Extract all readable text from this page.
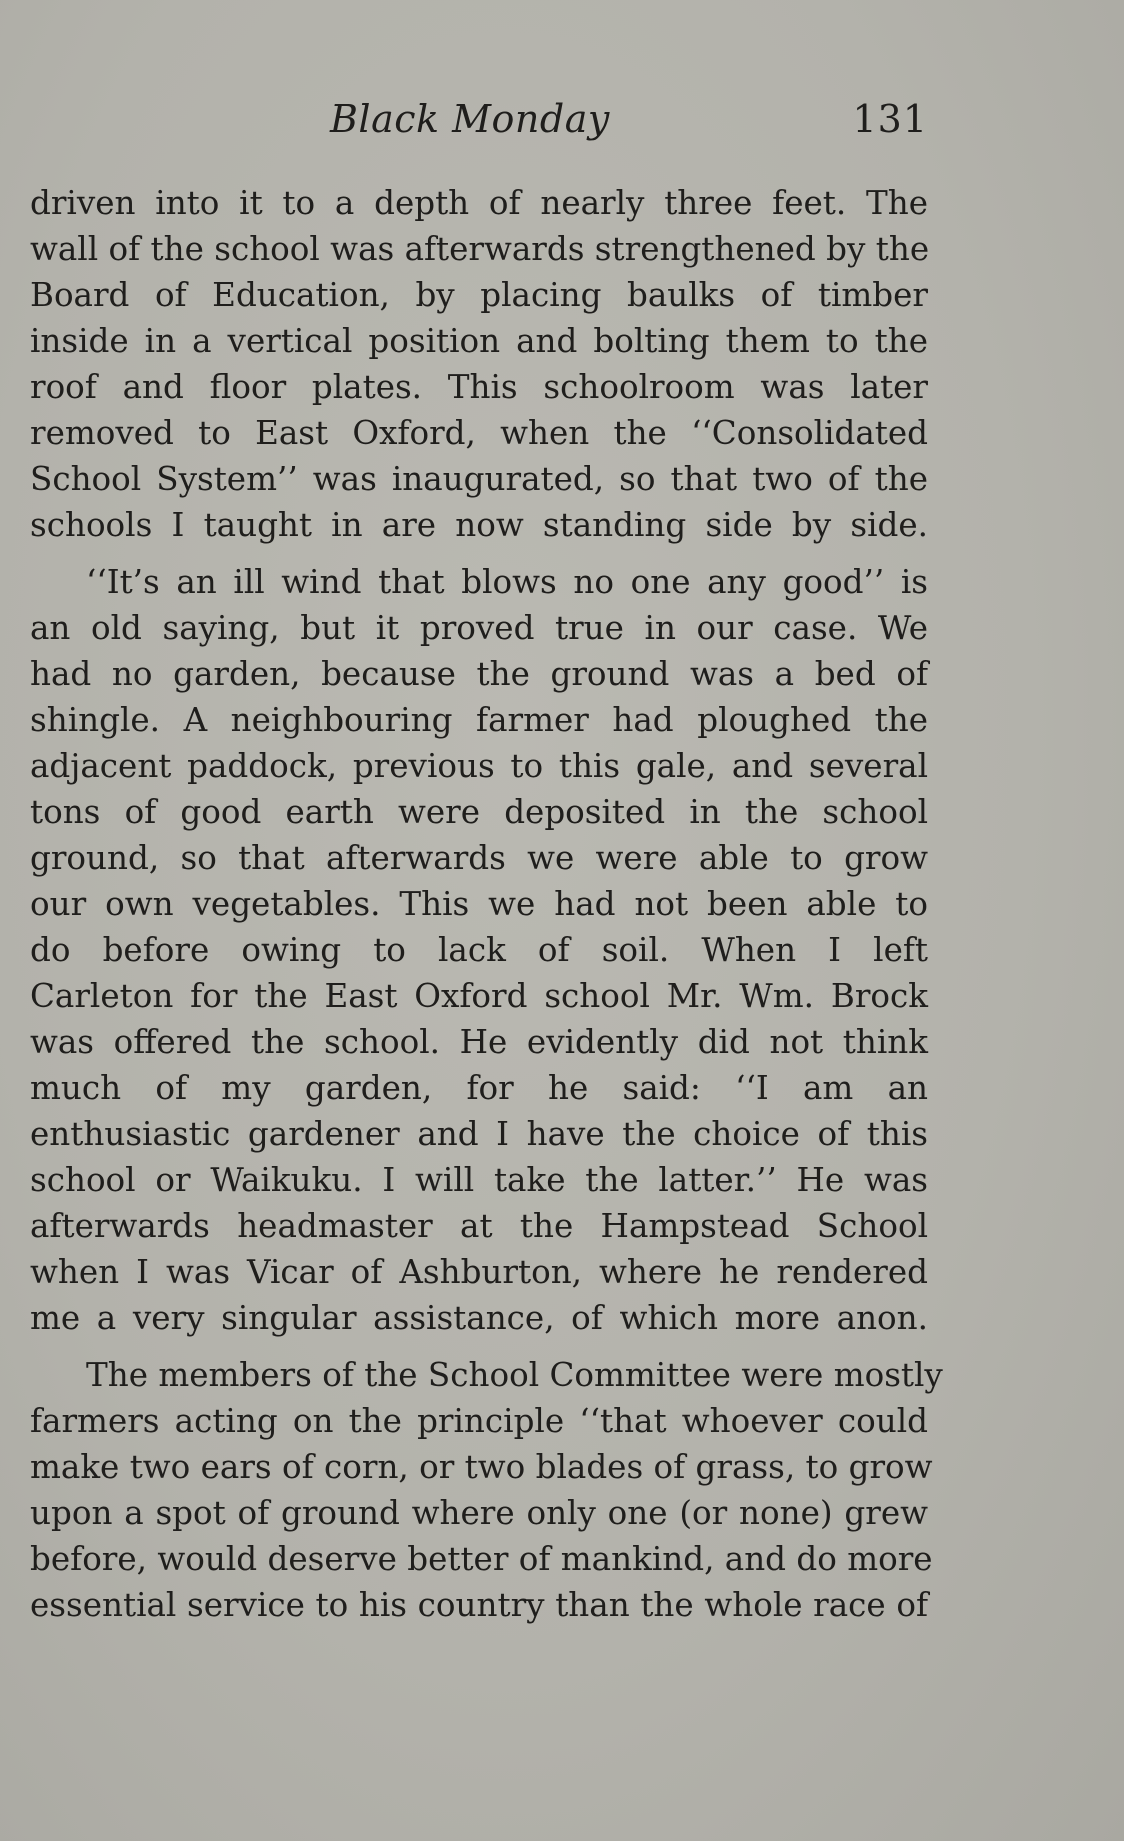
Black Monday	131
driven into it to a depth of nearly three feet. The
wall of the school was afterwards strengthened by the
Board of Education, by placing baulks of timber
inside in a vertical position and bolting them to the
roof and floor plates. This schoolroom was later
removed to East Oxford, when the ‘‘Consolidated
School System’’ was inaugurated, so that two of the
schools I taught in are now standing side by side.
‘‘It’s an ill wind that blows no one any good’’ is
an old saying, but it proved true in our case. We
had no garden, because the ground was a bed of
shingle. A neighbouring farmer had ploughed the
adjacent paddock, previous to this gale, and several
tons of good earth were deposited in the school
ground, so that afterwards we were able to grow
our own vegetables. This we had not been able to
do before owing to lack of soil. When I left
Carleton for the East Oxford school Mr. Wm. Brock
was offered the school. He evidently did not think
much of my garden, for he said: ‘‘I am an
enthusiastic gardener and I have the choice of this
school or Waikuku. I will take the latter.’’ He was
afterwards headmaster at the Hampstead School
when I was Vicar of Ashburton, where he rendered
me a very singular assistance, of which more anon.
The members of the School Committee were mostly
farmers acting on the principle ‘‘that whoever could
make two ears of corn, or two blades of grass, to grow
upon a spot of ground where only one (or none) grew
before, would deserve better of mankind, and do more
essential service to his country than the whole race of
